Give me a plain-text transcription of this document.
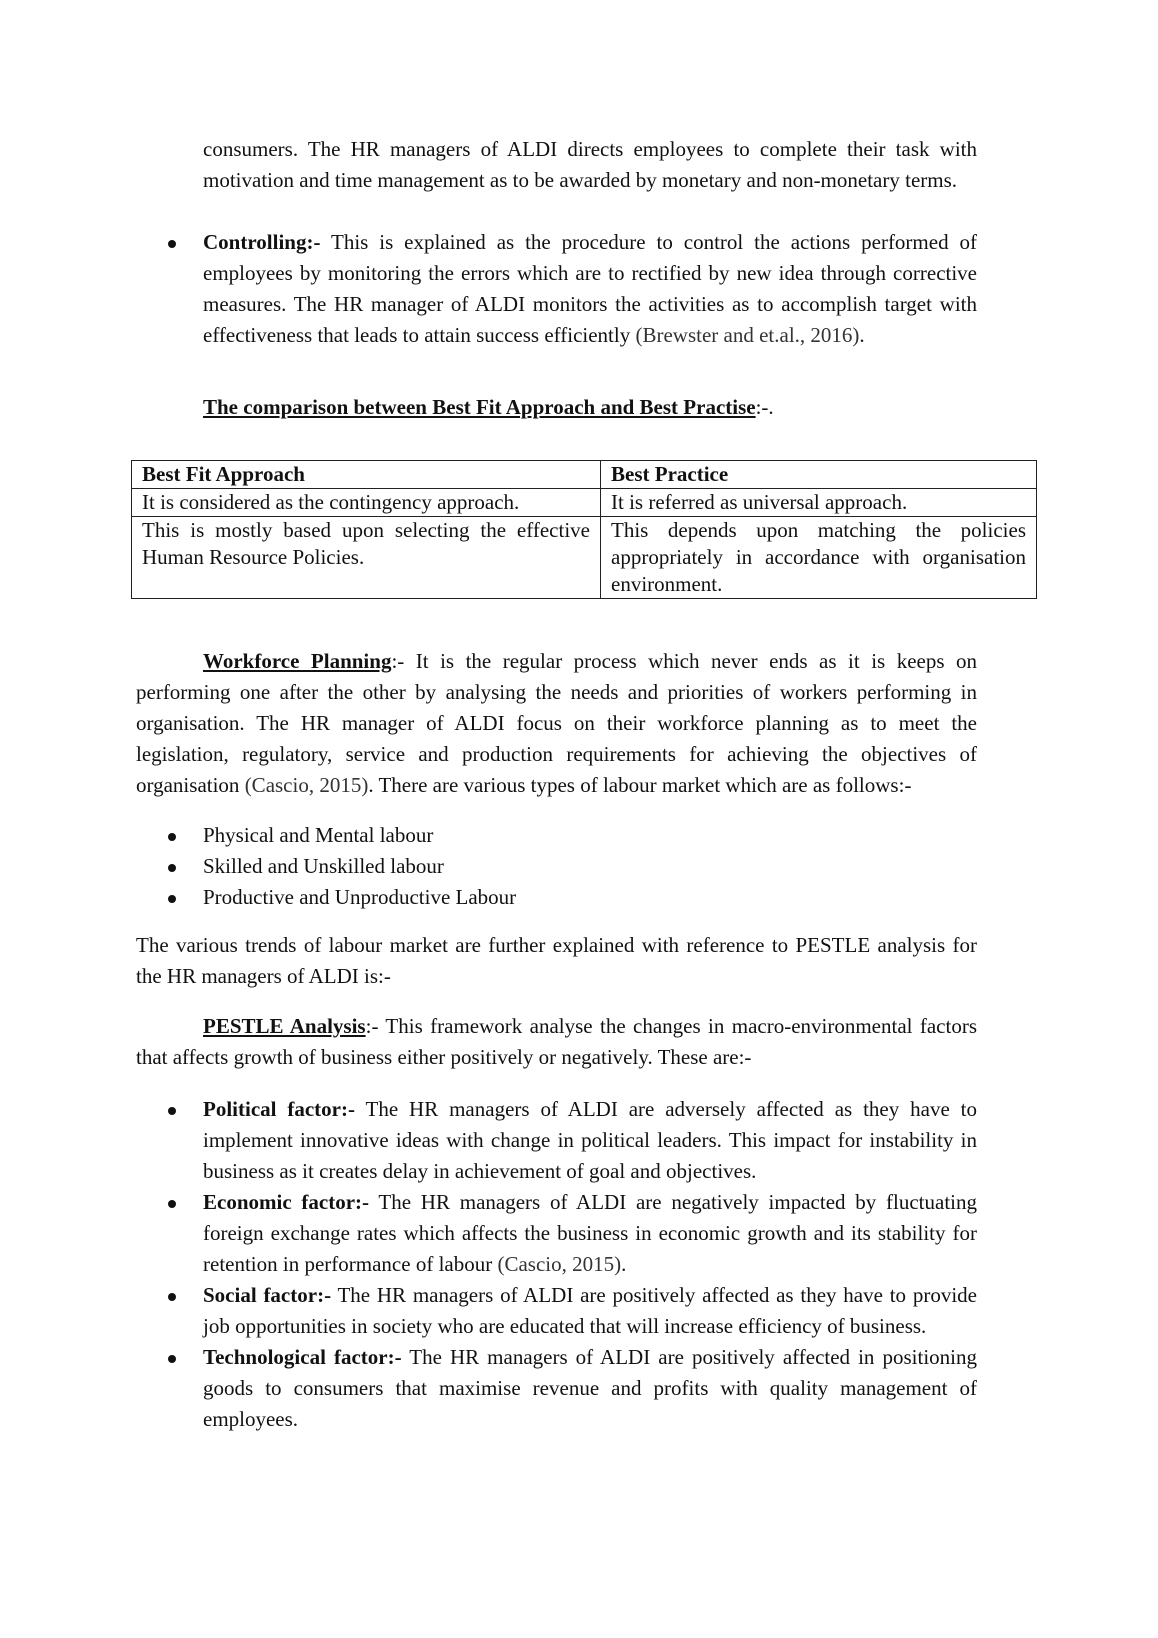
consumers. The HR managers of ALDI directs employees to complete their task with motivation and time management as to be awarded by monetary and non-monetary terms.
Controlling:- This is explained as the procedure to control the actions performed of employees by monitoring the errors which are to rectified by new idea through corrective measures. The HR manager of ALDI monitors the activities as to accomplish target with effectiveness that leads to attain success efficiently (Brewster and et.al., 2016).
The comparison between Best Fit Approach and Best Practise:-.
Best Fit Approach	Best Practice
It is considered as the contingency approach.	It is referred as universal approach.
This is mostly based upon selecting the effective Human Resource Policies.	This depends upon matching the policies appropriately in accordance with organisation environment.
Workforce Planning:- It is the regular process which never ends as it is keeps on performing one after the other by analysing the needs and priorities of workers performing in organisation. The HR manager of ALDI focus on their workforce planning as to meet the legislation, regulatory, service and production requirements for achieving the objectives of organisation (Cascio, 2015). There are various types of labour market which are as follows:-
Physical and Mental labour
Skilled and Unskilled labour
Productive and Unproductive Labour
The various trends of labour market are further explained with reference to PESTLE analysis for the HR managers of ALDI is:-
PESTLE Analysis:- This framework analyse the changes in macro-environmental factors that affects growth of business either positively or negatively. These are:-
Political factor:- The HR managers of ALDI are adversely affected as they have to implement innovative ideas with change in political leaders. This impact for instability in business as it creates delay in achievement of goal and objectives.
Economic factor:- The HR managers of ALDI are negatively impacted by fluctuating foreign exchange rates which affects the business in economic growth and its stability for retention in performance of labour (Cascio, 2015).
Social factor:- The HR managers of ALDI are positively affected as they have to provide job opportunities in society who are educated that will increase efficiency of business.
Technological factor:- The HR managers of ALDI are positively affected in positioning goods to consumers that maximise revenue and profits with quality management of employees.
